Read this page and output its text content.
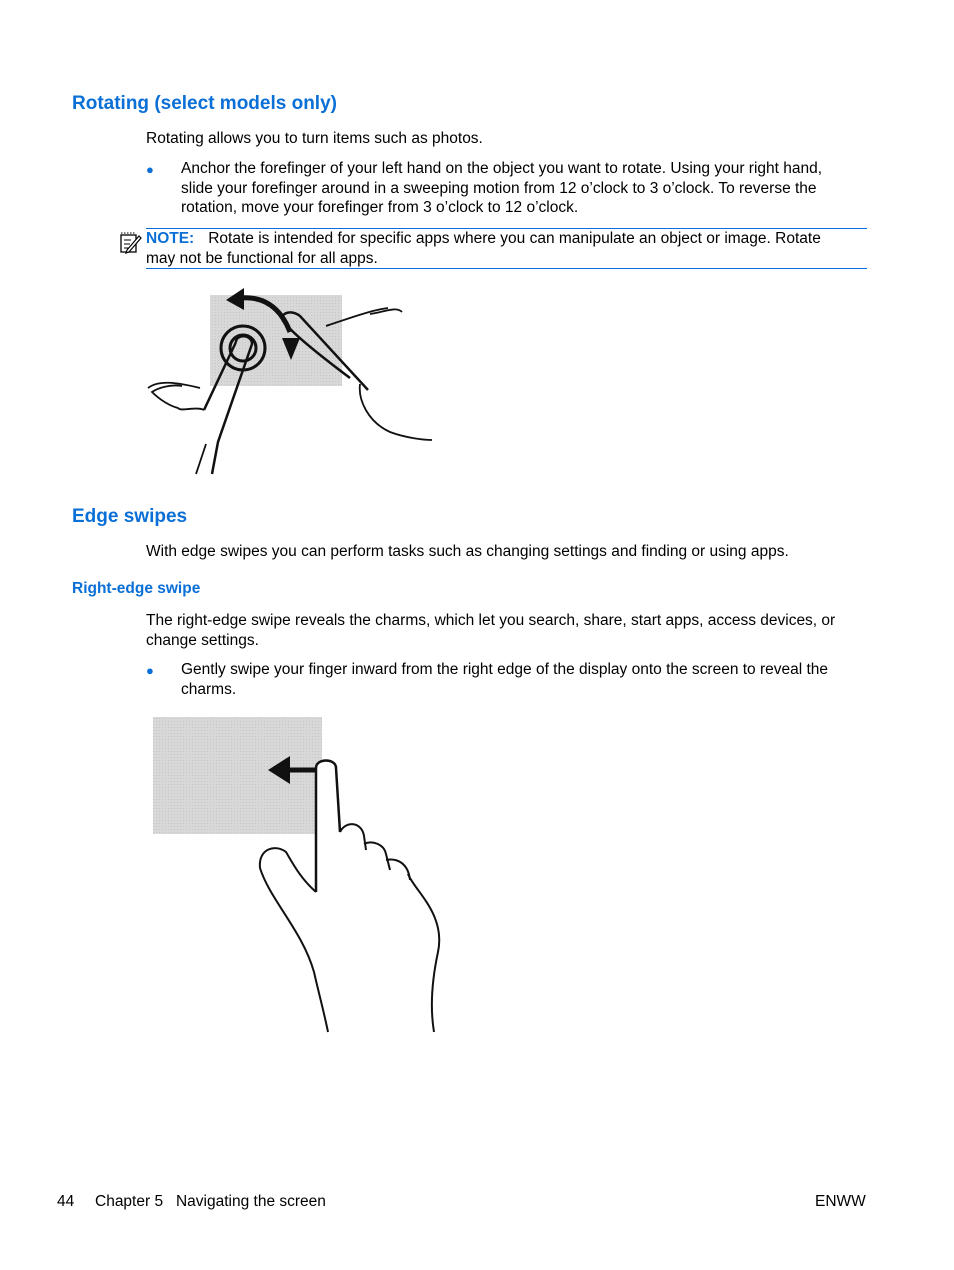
Rotating (select models only)
Rotating allows you to turn items such as photos.
● Anchor the forefinger of your left hand on the object you want to rotate. Using your right hand,
slide your forefinger around in a sweeping motion from 12 o’clock to 3 o’clock. To reverse the
rotation, move your forefinger from 3 o’clock to 12 o’clock.
NOTE: Rotate is intended for specific apps where you can manipulate an object or image. Rotate
may not be functional for all apps.
Edge swipes
With edge swipes you can perform tasks such as changing settings and finding or using apps.
Right-edge swipe
The right-edge swipe reveals the charms, which let you search, share, start apps, access devices, or
change settings.
● Gently swipe your finger inward from the right edge of the display onto the screen to reveal the
charms.
44 Chapter 5   Navigating the screen	ENWW
